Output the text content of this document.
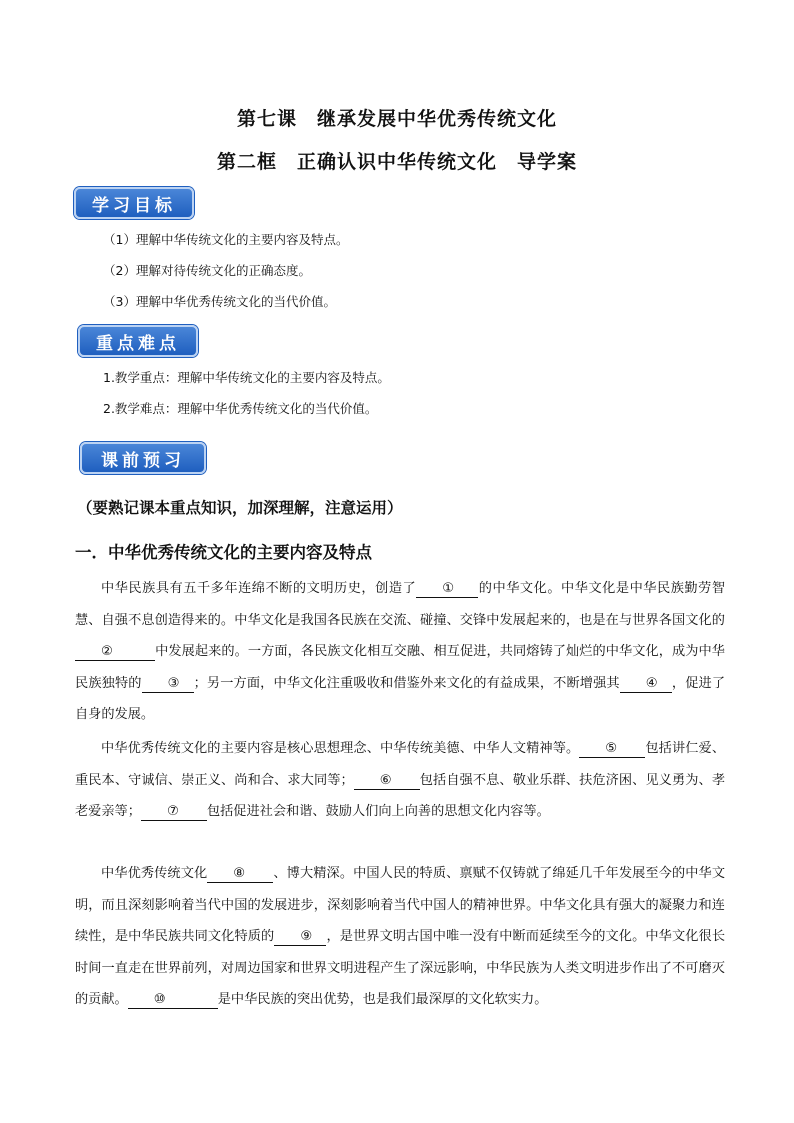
第七课　继承发展中华优秀传统文化
第二框　正确认识中华传统文化　导学案
学习目标
（1）理解中华传统文化的主要内容及特点。
（2）理解对待传统文化的正确态度。
（3）理解中华优秀传统文化的当代价值。
重点难点
1.教学重点：理解中华传统文化的主要内容及特点。
2.教学难点：理解中华优秀传统文化的当代价值。
课前预习
（要熟记课本重点知识，加深理解，注意运用）
一．中华优秀传统文化的主要内容及特点
中华民族具有五千多年连绵不断的文明历史，创造了 ① 的中华文化。中华文化是中华民族勤劳智慧、自强不息创造得来的。中华文化是我国各民族在交流、碰撞、交锋中发展起来的，也是在与世界各国文化的②	中发展起来的。一方面，各民族文化相互交融、相互促进，共同熔铸了灿烂的中华文化，成为中华民族独特的 ③ ；另一方面，中华文化注重吸收和借鉴外来文化的有益成果，不断增强其 ④ ，促进了自身的发展。
中华优秀传统文化的主要内容是核心思想理念、中华传统美德、中华人文精神等。 ⑤ 包括讲仁爱、重民本、守诚信、崇正义、尚和合、求大同等； ⑥ 包括自强不息、敬业乐群、扶危济困、见义勇为、孝老爱亲等； ⑦ 包括促进社会和谐、鼓励人们向上向善的思想文化内容等。
中华优秀传统文化 ⑧ 、博大精深。中国人民的特质、禀赋不仅铸就了绵延几千年发展至今的中华文明，而且深刻影响着当代中国的发展进步，深刻影响着当代中国人的精神世界。中华文化具有强大的凝聚力和连续性，是中华民族共同文化特质的 ⑨ ，是世界文明古国中唯一没有中断而延续至今的文化。中华文化很长时间一直走在世界前列，对周边国家和世界文明进程产生了深远影响，中华民族为人类文明进步作出了不可磨灭的贡献。 ⑩	是中华民族的突出优势，也是我们最深厚的文化软实力。
